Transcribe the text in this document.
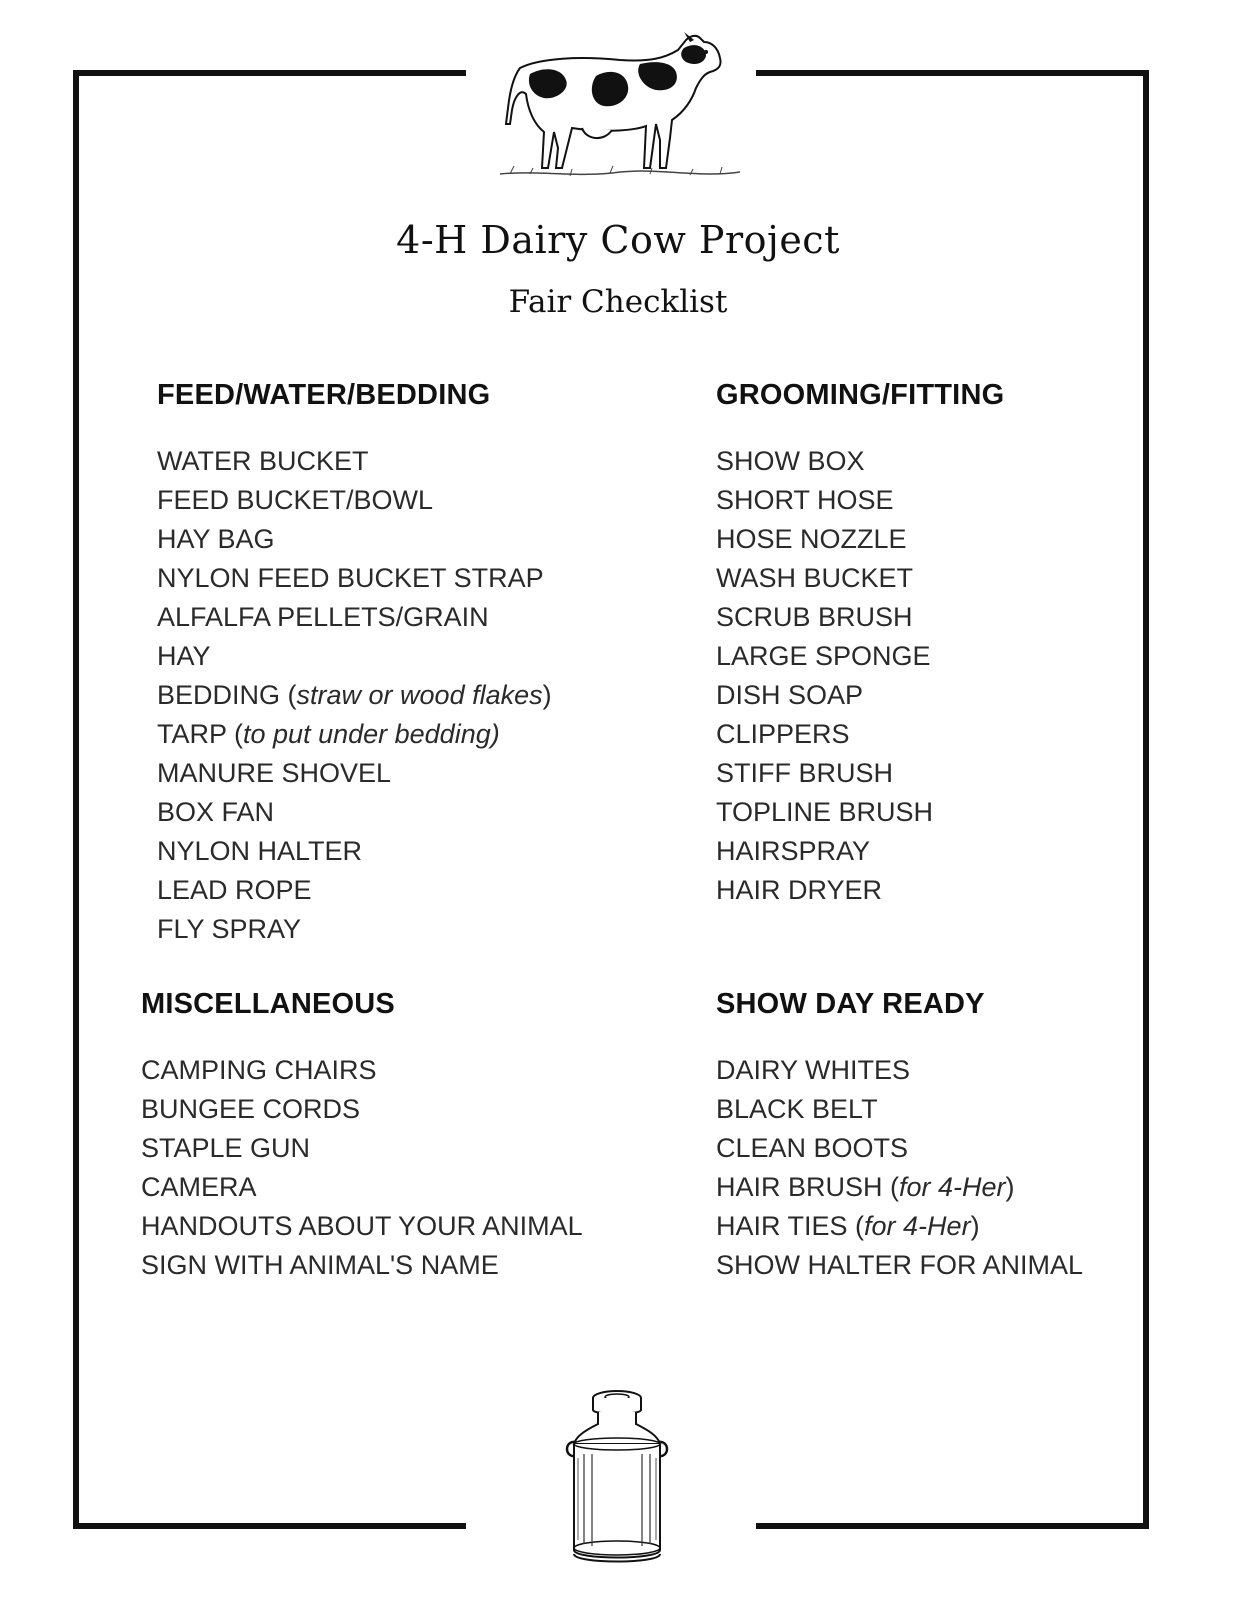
4-H Dairy Cow Project
Fair Checklist
FEED/WATER/BEDDING
WATER BUCKET
FEED BUCKET/BOWL
HAY BAG
NYLON FEED BUCKET STRAP
ALFALFA PELLETS/GRAIN
HAY
BEDDING (straw or wood flakes)
TARP (to put under bedding)
MANURE SHOVEL
BOX FAN
NYLON HALTER
LEAD ROPE
FLY SPRAY
GROOMING/FITTING
SHOW BOX
SHORT HOSE
HOSE NOZZLE
WASH BUCKET
SCRUB BRUSH
LARGE SPONGE
DISH SOAP
CLIPPERS
STIFF BRUSH
TOPLINE BRUSH
HAIRSPRAY
HAIR DRYER
MISCELLANEOUS
CAMPING CHAIRS
BUNGEE CORDS
STAPLE GUN
CAMERA
HANDOUTS ABOUT YOUR ANIMAL
SIGN WITH ANIMAL'S NAME
SHOW DAY READY
DAIRY WHITES
BLACK BELT
CLEAN BOOTS
HAIR BRUSH (for 4-Her)
HAIR TIES (for 4-Her)
SHOW HALTER FOR ANIMAL
